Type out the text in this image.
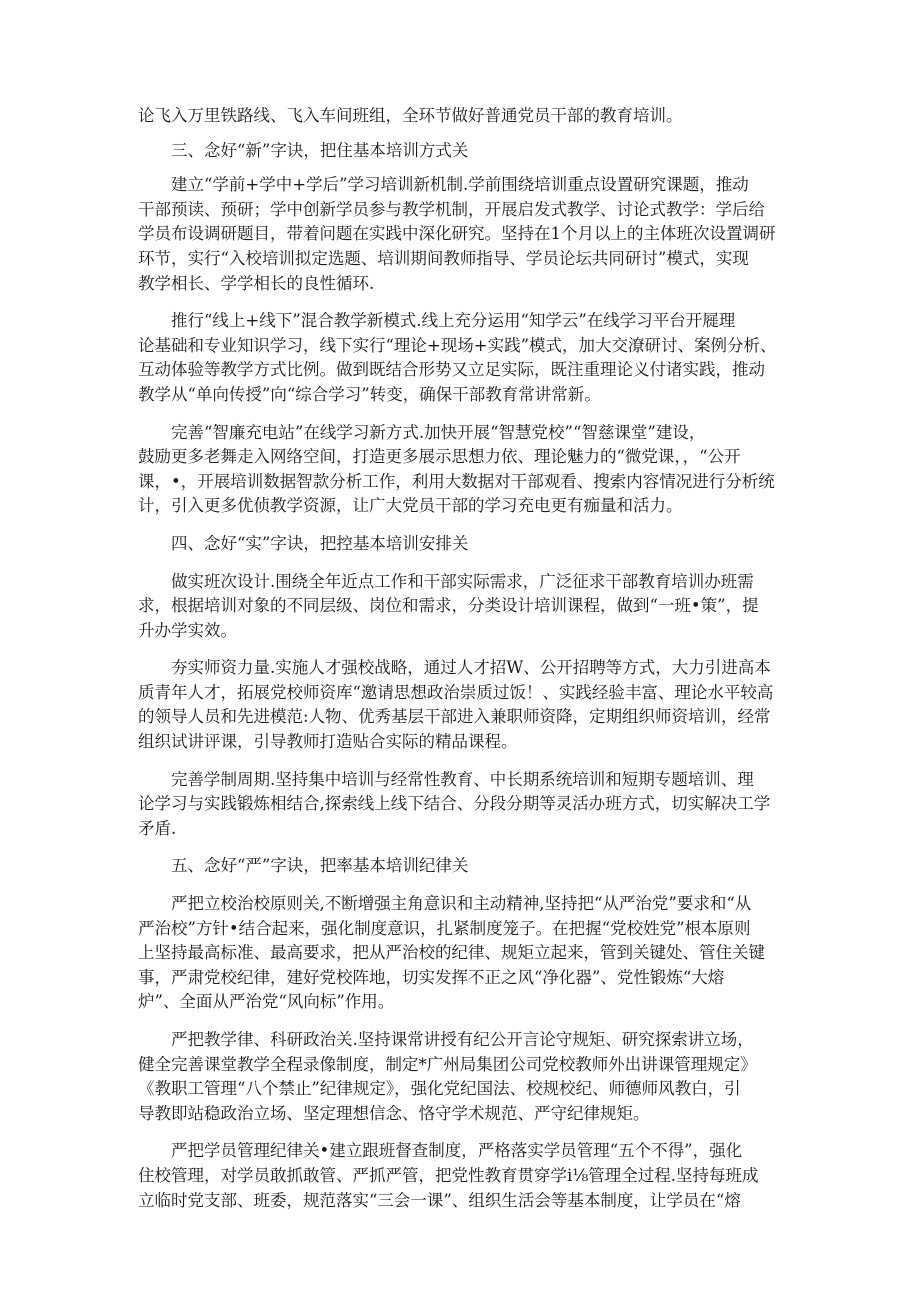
论飞入万里铁路线、飞入车间班组，全环节做好普通党员干部的教育培训。
三、念好“新”字诀，把住基本培训方式关
建立“学前+学中+学后”学习培训新机制.学前围绕培训重点设置研究课题，推动
干部预读、预研；学中创新学员参与教学机制，开展启发式教学、讨论式教学：学后给
学员布设调研题目，带着问题在实践中深化研究。坚持在1个月以上的主体班次设置调研
环节，实行“入校培训拟定选题、培训期间教师指导、学员论坛共同研讨”模式，实现
教学相长、学学相长的良性循环.
推行“线上+线下”混合教学新模式.线上充分运用“知学云”在线学习平台开屣理
论基础和专业知识学习，线下实行“理论+现场+实践”模式，加大交潦研讨、案例分析、
互动体验等教学方式比例。做到既结合形势又立足实际，既注重理论义付诸实践，推动
教学从“单向传授”向“综合学习”转变，确保干部教育常讲常新。
完善“智廉充电站”在线学习新方式.加快开展“智慧党校”“智慈课堂”建设，
鼓励更多老舞走入网络空间，打造更多展示思想力依、理论魅力的“微党课，，“公开
课，•，开展培训数据智款分析工作，利用大数据对干部观看、搜索内容情况进行分析统
计，引入更多优侦教学资源，让广大党员干部的学习充电更有痂量和活力。
四、念好“实”字诀，把控基本培训安排关
做实班次设计.围绕全年近点工作和干部实际需求，广泛征求干部教育培训办班需
求，根据培训对象的不同层级、岗位和需求，分类设计培训课程，做到“一班•策”，提
升办学实效。
夯实师资力量.实施人才强校战略，通过人才招W、公开招聘等方式，大力引进高本
质青年人才，拓展党校师资库“邀请思想政治崇质过饭！、实践经验丰富、理论水平较高
的领导人员和先进模范:人物、优秀基层干部进入兼职师资降，定期组织师资培训，经常
组织试讲评课，引导教师打造贴合实际的精品课程。
完善学制周期.坚持集中培训与经常性教育、中长期系统培训和短期专题培训、理
论学习与实践锻炼相结合,探索线上线下结合、分段分期等灵活办班方式，切实解决工学
矛盾.
五、念好“严”字诀，把率基本培训纪律关
严把立校治校原则关,不断增强主角意识和主动精神,坚持把“从严治党”要求和“从
严治校”方针•结合起来，强化制度意识，扎紧制度笼子。在把握“党校姓党”根本原则
上坚持最高标准、最高要求，把从严治校的纪律、规矩立起来，管到关键处、管住关键
事，严肃党校纪律，建好党校阵地，切实发挥不正之风“净化器”、党性锻炼“大熔
炉”、全面从严治党“风向标”作用。
严把教学律、科研政治关.坚持课常讲授有纪公开言论守规矩、研究探索讲立场，
健全完善课堂教学全程录像制度，制定*广州局集团公司党校教师外出讲课管理规定》
《教职工管理“八个禁止”纪律规定》，强化党纪国法、校规校纪、师德师风教白，引
导教即站稳政治立场、坚定理想信念、恪守学术规范、严守纪律规矩。
严把学员管理纪律关•建立跟班督查制度，严格落实学员管理“五个不得”，强化
住校管理，对学员敢抓敢管、严抓严管，把党性教育贯穿学i⅛管理全过程.坚持每班成
立临时党支部、班委，规范落实“三会一课”、组织生活会等基本制度，让学员在“熔
